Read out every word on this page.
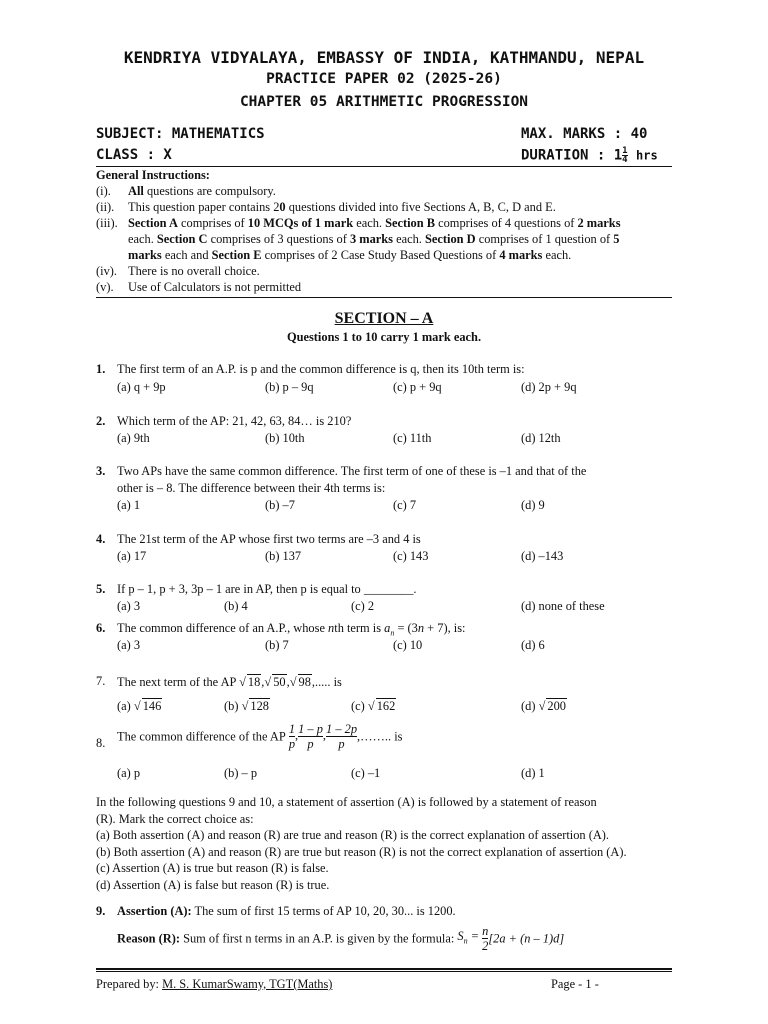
KENDRIYA VIDYALAYA, EMBASSY OF INDIA, KATHMANDU, NEPAL
PRACTICE PAPER 02 (2025-26)
CHAPTER 05 ARITHMETIC PROGRESSION
SUBJECT: MATHEMATICS	MAX. MARKS : 40
CLASS : X	DURATION : $1 \frac{1}{4}$ hrs
General Instructions:
(i). All questions are compulsory.
(ii). This question paper contains 20 questions divided into five Sections A, B, C, D and E.
(iii). Section A comprises of 10 MCQs of 1 mark each. Section B comprises of 4 questions of 2 marks
each. Section C comprises of 3 questions of 3 marks each. Section D comprises of 1 question of 5
marks each and Section E comprises of 2 Case Study Based Questions of 4 marks each.
(iv). There is no overall choice.
(v). Use of Calculators is not permitted
SECTION – A
Questions 1 to 10 carry 1 mark each.
1. The first term of an A.P. is p and the common difference is q, then its 10th term is:
(a) q + 9p	(b) p – 9q	(c) p + 9q	(d) 2p + 9q
2. Which term of the AP: 21, 42, 63, 84… is 210?
(a) 9th	(b) 10th	(c) 11th	(d) 12th
3. Two APs have the same common difference. The first term of one of these is –1 and that of the
other is – 8. The difference between their 4th terms is:
(a) 1	(b) –7	(c) 7	(d) 9
4. The 21st term of the AP whose first two terms are –3 and 4 is
(a) 17	(b) 137	(c) 143	(d) –143
5. If p – 1, p + 3, 3p – 1 are in AP, then p is equal to ________.
(a) 3	(b) 4	(c) 2	(d) none of these
6. The common difference of an A.P., whose nth term is $a_n = (3n + 7)$, is:
(a) 3	(b) 7	(c) 10	(d) 6
7. The next term of the AP √ 18,√ 50,√ 98,..... is
(a) √ 146	(b) √ 128	(c) √ 162	(d) √ 200
8. The common difference of the AP $\frac{1}{p}$ , $\frac{1 - p}{p}$ , $\frac{1 - 2p}{p}$ ,…….. is
(a) p	(b) – p	(c) –1	(d) 1
In the following questions 9 and 10, a statement of assertion (A) is followed by a statement of reason
(R). Mark the correct choice as:
(a) Both assertion (A) and reason (R) are true and reason (R) is the correct explanation of assertion (A).
(b) Both assertion (A) and reason (R) are true but reason (R) is not the correct explanation of assertion (A).
(c) Assertion (A) is true but reason (R) is false.
(d) Assertion (A) is false but reason (R) is true.
9. Assertion (A): The sum of first 15 terms of AP 10, 20, 30... is 1200.
Reason (R): Sum of first n terms in an A.P. is given by the formula: $S_n = \frac{n}{2} [2a + (n - 1)d]$
Prepared by: M. S. KumarSwamy, TGT(Maths)	Page - 1 -
